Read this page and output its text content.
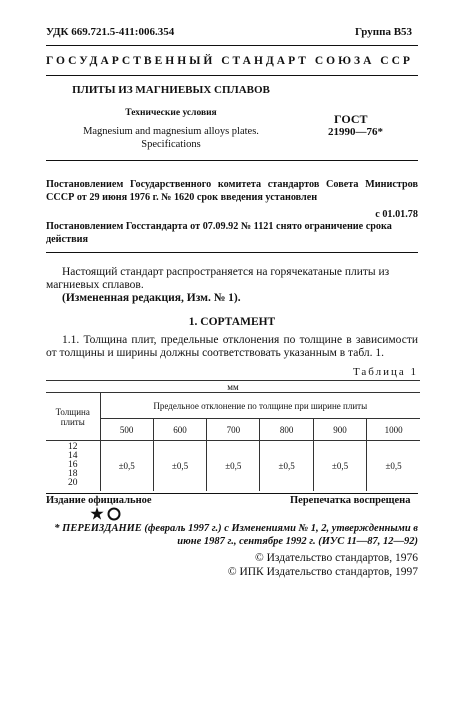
УДК 669.721.5-411:006.354	Группа В53
ГОСУДАРСТВЕННЫЙ СТАНДАРТ СОЮЗА ССР
ПЛИТЫ ИЗ МАГНИЕВЫХ СПЛАВОВ
Технические условия
Magnesium and magnesium alloys plates.
Specifications
ГОСТ
21990—76*
Постановлением Государственного комитета стандартов Совета Министров СССР от 29 июня 1976 г. № 1620 срок введения установлен
с 01.01.78
Постановлением Госстандарта от 07.09.92 № 1121 снято ограничение срока действия
Настоящий стандарт распространяется на горячекатаные плиты из магниевых сплавов.
(Измененная редакция, Изм. № 1).
1. СОРТАМЕНТ
1.1. Толщина плит, предельные отклонения по толщине в зависимости от толщины и ширины должны соответствовать указанным в табл. 1.
Таблица 1
мм						
Толщина плиты	Предельное отклонение по толщине при ширине плиты					
	500	600	700	800	900	1000

12
14
16
18
20	±0,5	±0,5	±0,5	±0,5	±0,5	±0,5
Издание официальное	Перепечатка воспрещена
* ПЕРЕИЗДАНИЕ (февраль 1997 г.) с Изменениями № 1, 2, утвержденными в июне 1987 г., сентябре 1992 г. (ИУС 11—87, 12—92)
© Издательство стандартов, 1976
© ИПК Издательство стандартов, 1997
